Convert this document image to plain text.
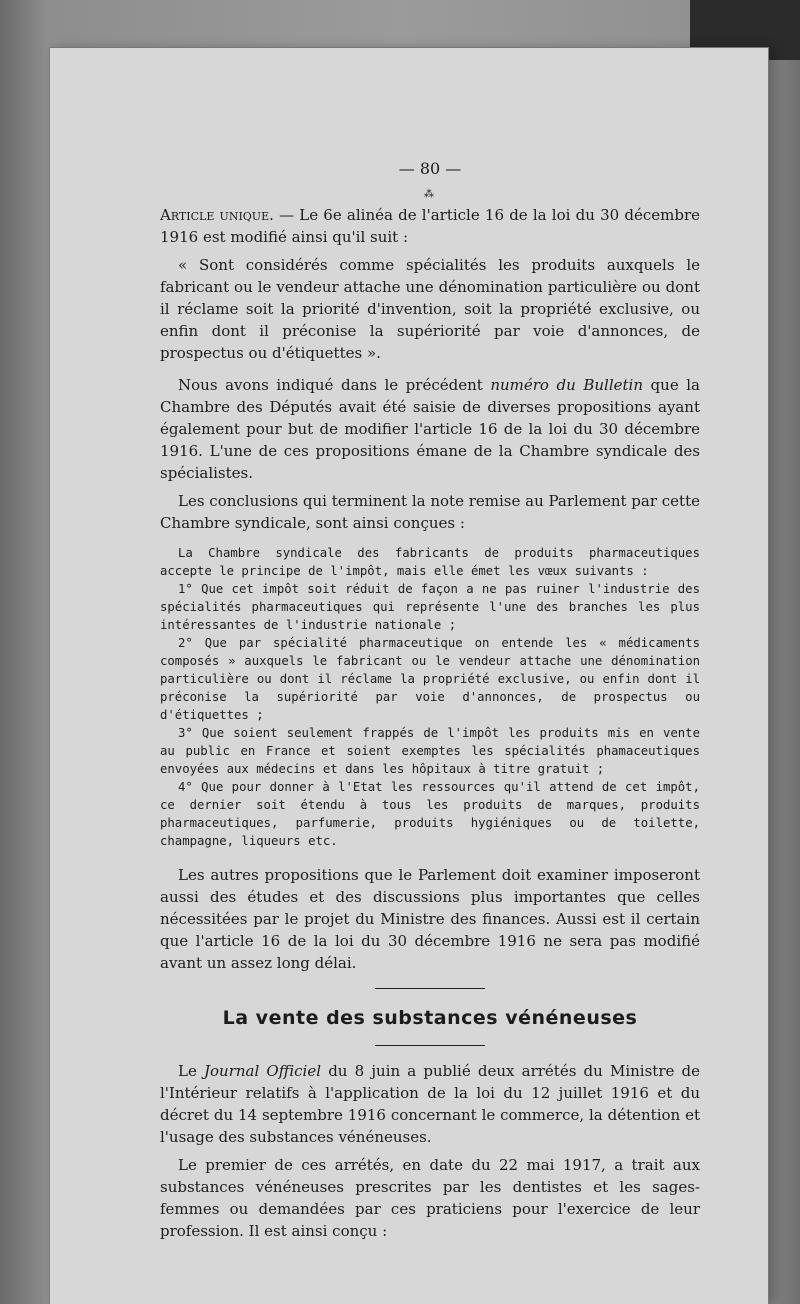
— 80 —
⁂

Article unique. — Le 6e alinéa de l'article 16 de la loi du 30 décembre 1916 est modifié ainsi qu'il suit :

« Sont considérés comme spécialités les produits auxquels le fabricant ou le vendeur attache une dénomination particulière ou dont il réclame soit la priorité d'invention, soit la propriété exclusive, ou enfin dont il préconise la supériorité par voie d'annonces, de prospectus ou d'étiquettes ».

Nous avons indiqué dans le précédent numéro du Bulletin que la Chambre des Députés avait été saisie de diverses propositions ayant également pour but de modifier l'article 16 de la loi du 30 décembre 1916. L'une de ces propositions émane de la Chambre syndicale des spécialistes.

Les conclusions qui terminent la note remise au Parlement par cette Chambre syndicale, sont ainsi conçues :

La Chambre syndicale des fabricants de produits pharmaceutiques accepte le principe de l'impôt, mais elle émet les vœux suivants :

1° Que cet impôt soit réduit de façon a ne pas ruiner l'industrie des spécialités pharmaceutiques qui représente l'une des branches les plus intéressantes de l'industrie nationale ;

2° Que par spécialité pharmaceutique on entende les « médicaments composés » auxquels le fabricant ou le vendeur attache une dénomination particulière ou dont il réclame la propriété exclusive, ou enfin dont il préconise la supériorité par voie d'annonces, de prospectus ou d'étiquettes ;

3° Que soient seulement frappés de l'impôt les produits mis en vente au public en France et soient exemptes les spécialités phamaceutiques envoyées aux médecins et dans les hôpitaux à titre gratuit ;

4° Que pour donner à l'Etat les ressources qu'il attend de cet impôt, ce dernier soit étendu à tous les produits de marques, produits pharmaceutiques, parfumerie, produits hygiéniques ou de toilette, champagne, liqueurs etc.

Les autres propositions que le Parlement doit examiner imposeront aussi des études et des discussions plus importantes que celles nécessitées par le projet du Ministre des finances. Aussi est il certain que l'article 16 de la loi du 30 décembre 1916 ne sera pas modifié avant un assez long délai.

La vente des substances vénéneuses

Le Journal Officiel du 8 juin a publié deux arrétés du Ministre de l'Intérieur relatifs à l'application de la loi du 12 juillet 1916 et du décret du 14 septembre 1916 concernant le commerce, la détention et l'usage des substances vénéneuses.

Le premier de ces arrétés, en date du 22 mai 1917, a trait aux substances vénéneuses prescrites par les dentistes et les sages-femmes ou demandées par ces praticiens pour l'exercice de leur profession. Il est ainsi conçu :
